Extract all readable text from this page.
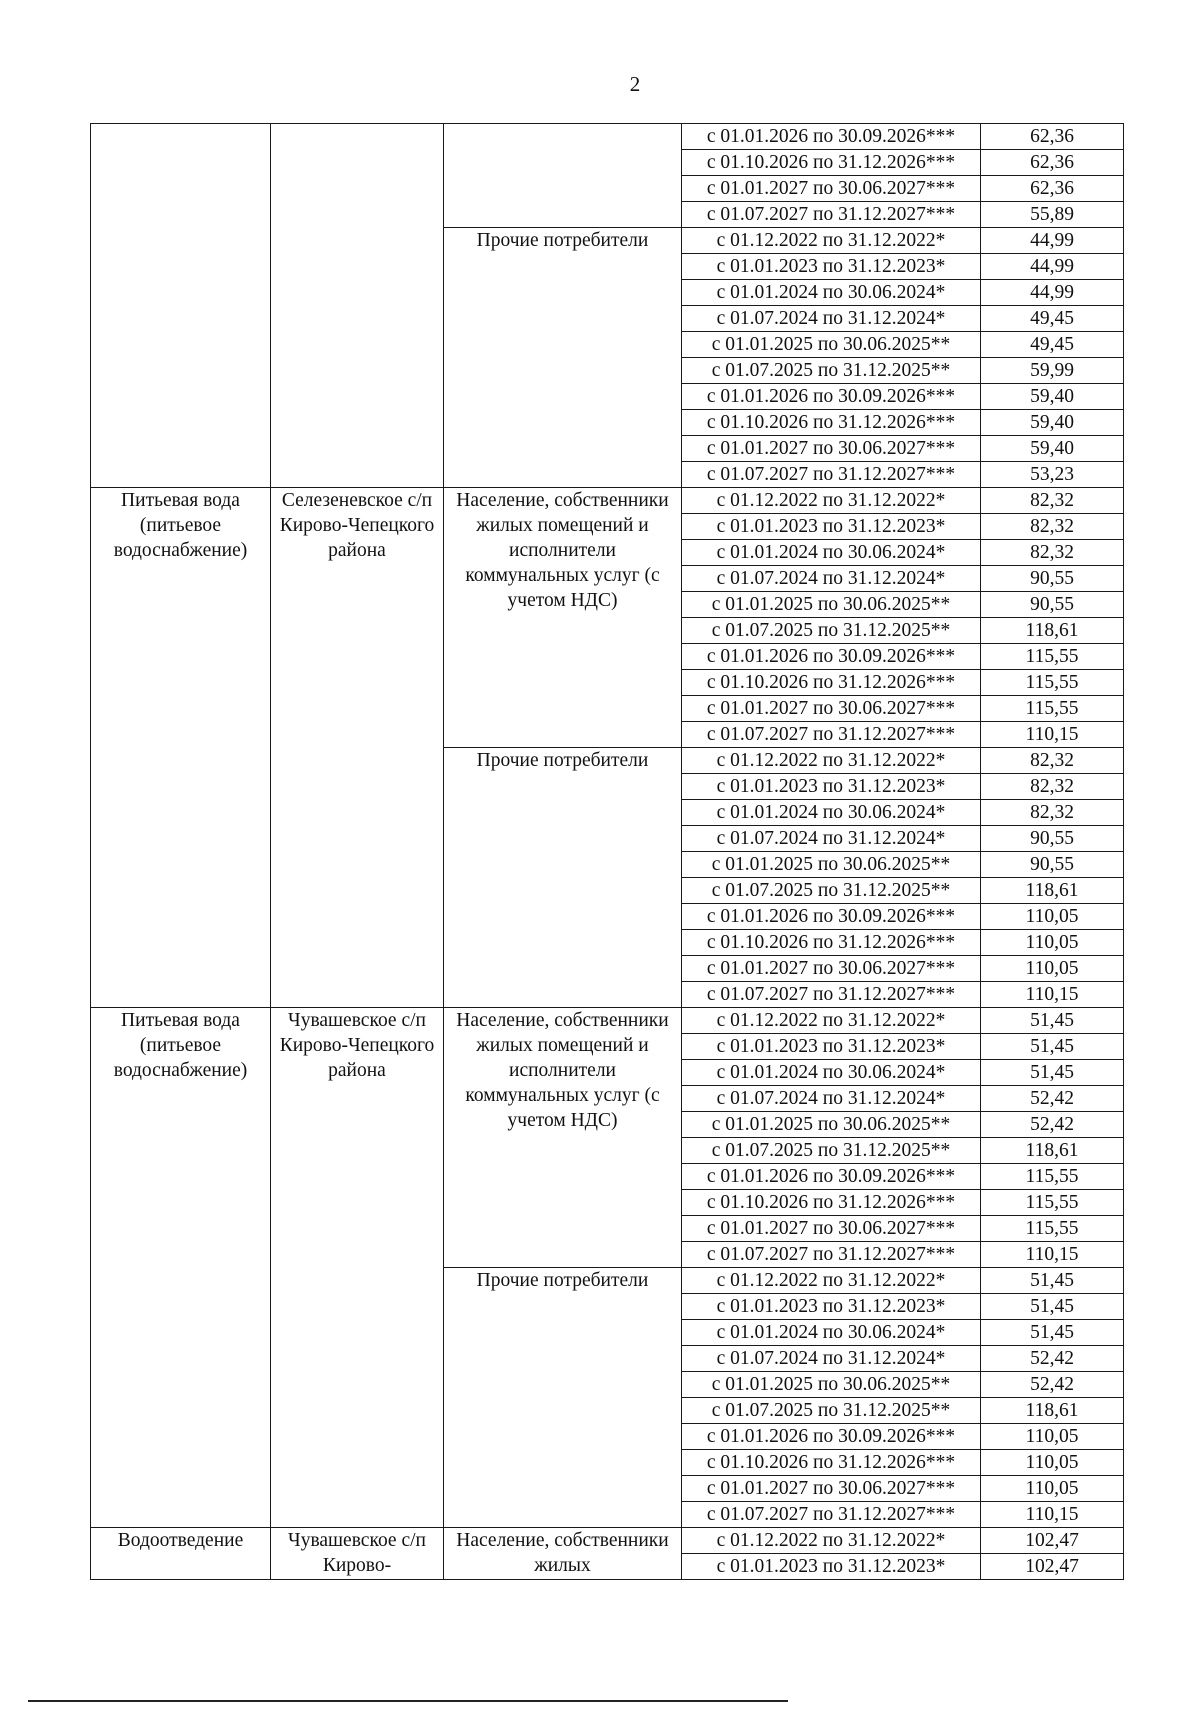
2
			с 01.01.2026 по 30.09.2026***	62,36
			с 01.10.2026 по 31.12.2026***	62,36
			с 01.01.2027 по 30.06.2027***	62,36
			с 01.07.2027 по 31.12.2027***	55,89
		Прочие потребители	с 01.12.2022 по 31.12.2022*	44,99
			с 01.01.2023 по 31.12.2023*	44,99
			с 01.01.2024 по 30.06.2024*	44,99
			с 01.07.2024 по 31.12.2024*	49,45
			с 01.01.2025 по 30.06.2025**	49,45
			с 01.07.2025 по 31.12.2025**	59,99
			с 01.01.2026 по 30.09.2026***	59,40
			с 01.10.2026 по 31.12.2026***	59,40
			с 01.01.2027 по 30.06.2027***	59,40
			с 01.07.2027 по 31.12.2027***	53,23
Питьевая вода (питьевое водоснабжение)	Селезеневское с/п Кирово-Чепецкого района	Население, собственники жилых помещений и исполнители коммунальных услуг (с учетом НДС)	с 01.12.2022 по 31.12.2022*	82,32
			с 01.01.2023 по 31.12.2023*	82,32
			с 01.01.2024 по 30.06.2024*	82,32
			с 01.07.2024 по 31.12.2024*	90,55
			с 01.01.2025 по 30.06.2025**	90,55
			с 01.07.2025 по 31.12.2025**	118,61
			с 01.01.2026 по 30.09.2026***	115,55
			с 01.10.2026 по 31.12.2026***	115,55
			с 01.01.2027 по 30.06.2027***	115,55
			с 01.07.2027 по 31.12.2027***	110,15
		Прочие потребители	с 01.12.2022 по 31.12.2022*	82,32
			с 01.01.2023 по 31.12.2023*	82,32
			с 01.01.2024 по 30.06.2024*	82,32
			с 01.07.2024 по 31.12.2024*	90,55
			с 01.01.2025 по 30.06.2025**	90,55
			с 01.07.2025 по 31.12.2025**	118,61
			с 01.01.2026 по 30.09.2026***	110,05
			с 01.10.2026 по 31.12.2026***	110,05
			с 01.01.2027 по 30.06.2027***	110,05
			с 01.07.2027 по 31.12.2027***	110,15
Питьевая вода (питьевое водоснабжение)	Чувашевское с/п Кирово-Чепецкого района	Население, собственники жилых помещений и исполнители коммунальных услуг (с учетом НДС)	с 01.12.2022 по 31.12.2022*	51,45
			с 01.01.2023 по 31.12.2023*	51,45
			с 01.01.2024 по 30.06.2024*	51,45
			с 01.07.2024 по 31.12.2024*	52,42
			с 01.01.2025 по 30.06.2025**	52,42
			с 01.07.2025 по 31.12.2025**	118,61
			с 01.01.2026 по 30.09.2026***	115,55
			с 01.10.2026 по 31.12.2026***	115,55
			с 01.01.2027 по 30.06.2027***	115,55
			с 01.07.2027 по 31.12.2027***	110,15
		Прочие потребители	с 01.12.2022 по 31.12.2022*	51,45
			с 01.01.2023 по 31.12.2023*	51,45
			с 01.01.2024 по 30.06.2024*	51,45
			с 01.07.2024 по 31.12.2024*	52,42
			с 01.01.2025 по 30.06.2025**	52,42
			с 01.07.2025 по 31.12.2025**	118,61
			с 01.01.2026 по 30.09.2026***	110,05
			с 01.10.2026 по 31.12.2026***	110,05
			с 01.01.2027 по 30.06.2027***	110,05
			с 01.07.2027 по 31.12.2027***	110,15
Водоотведение	Чувашевское с/п Кирово-	Население, собственники жилых	с 01.12.2022 по 31.12.2022*	102,47
			с 01.01.2023 по 31.12.2023*	102,47
